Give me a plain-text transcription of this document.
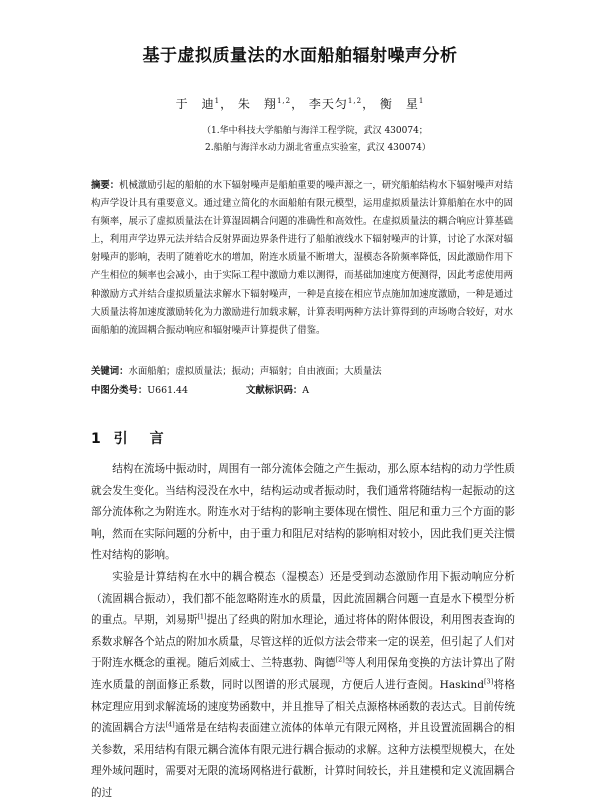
基于虚拟质量法的水面船舶辐射噪声分析
于　迪$^1$， 朱　翔$^{1,2}$， 李天匀$^{1,2}$， 衡　星$^1$
（1.华中科技大学船舶与海洋工程学院，武汉 430074；
2.船舶与海洋水动力湖北省重点实验室，武汉 430074）
摘要：机械激励引起的船舶的水下辐射噪声是船舶重要的噪声源之一，研究船舶结构水下辐射噪声对结构声学设计具有重要意义。通过建立简化的水面船舶有限元模型，运用虚拟质量法计算船舶在水中的固有频率，展示了虚拟质量法在计算湿固耦合问题的准确性和高效性。在虚拟质量法的耦合响应计算基础上，利用声学边界元法并结合反射界面边界条件进行了船舶液线水下辐射噪声的计算，讨论了水深对辐射噪声的影响，表明了随着吃水的增加，附连水质量不断增大，湿模态各阶频率降低，因此激励作用下产生相位的频率也会减小，由于实际工程中激励力难以测得，而基础加速度方便测得，因此考虑使用两种激励方式并结合虚拟质量法求解水下辐射噪声，一种是直接在相应节点施加加速度激励，一种是通过大质量法将加速度激励转化为力激励进行加载求解，计算表明两种方法计算得到的声场吻合较好，对水面船舶的流固耦合振动响应和辐射噪声计算提供了借鉴。
关键词：水面船舶；虚拟质量法；振动；声辐射；自由液面；大质量法
中图分类号：U661.44	文献标识码：A
1 引　言

结构在流场中振动时，周围有一部分流体会随之产生振动，那么原本结构的动力学性质就会发生变化。当结构浸没在水中，结构运动或者振动时，我们通常将随结构一起振动的这部分流体称之为附连水。附连水对于结构的影响主要体现在惯性、阻尼和重力三个方面的影响，然而在实际问题的分析中，由于重力和阻尼对结构的影响相对较小，因此我们更关注惯性对结构的影响。

实验是计算结构在水中的耦合模态（湿模态）还是受到动态激励作用下振动响应分析（流固耦合振动），我们都不能忽略附连水的质量，因此流固耦合问题一直是水下模型分析的重点。早期，刘易斯[1]提出了经典的附加水理论，通过将体的附体假设，利用图表查询的系数求解各个站点的附加水质量，尽管这样的近似方法会带来一定的误差，但引起了人们对于附连水概念的重视。随后刘威士、兰特惠勃、陶德[2]等人利用保角变换的方法计算出了附连水质量的剖面修正系数，同时以图谱的形式展现，方便后人进行查阅。Haskind[3]将格林定理应用到求解流场的速度势函数中，并且推导了相关点源格林函数的表达式。目前传统的流固耦合方法[4]通常是在结构表面建立流体的体单元有限元网格，并且设置流固耦合的相关参数，采用结构有限元耦合流体有限元进行耦合振动的求解。这种方法模型规模大，在处理外域问题时，需要对无限的流场网格进行截断，计算时间较长，并且建模和定义流固耦合的过
